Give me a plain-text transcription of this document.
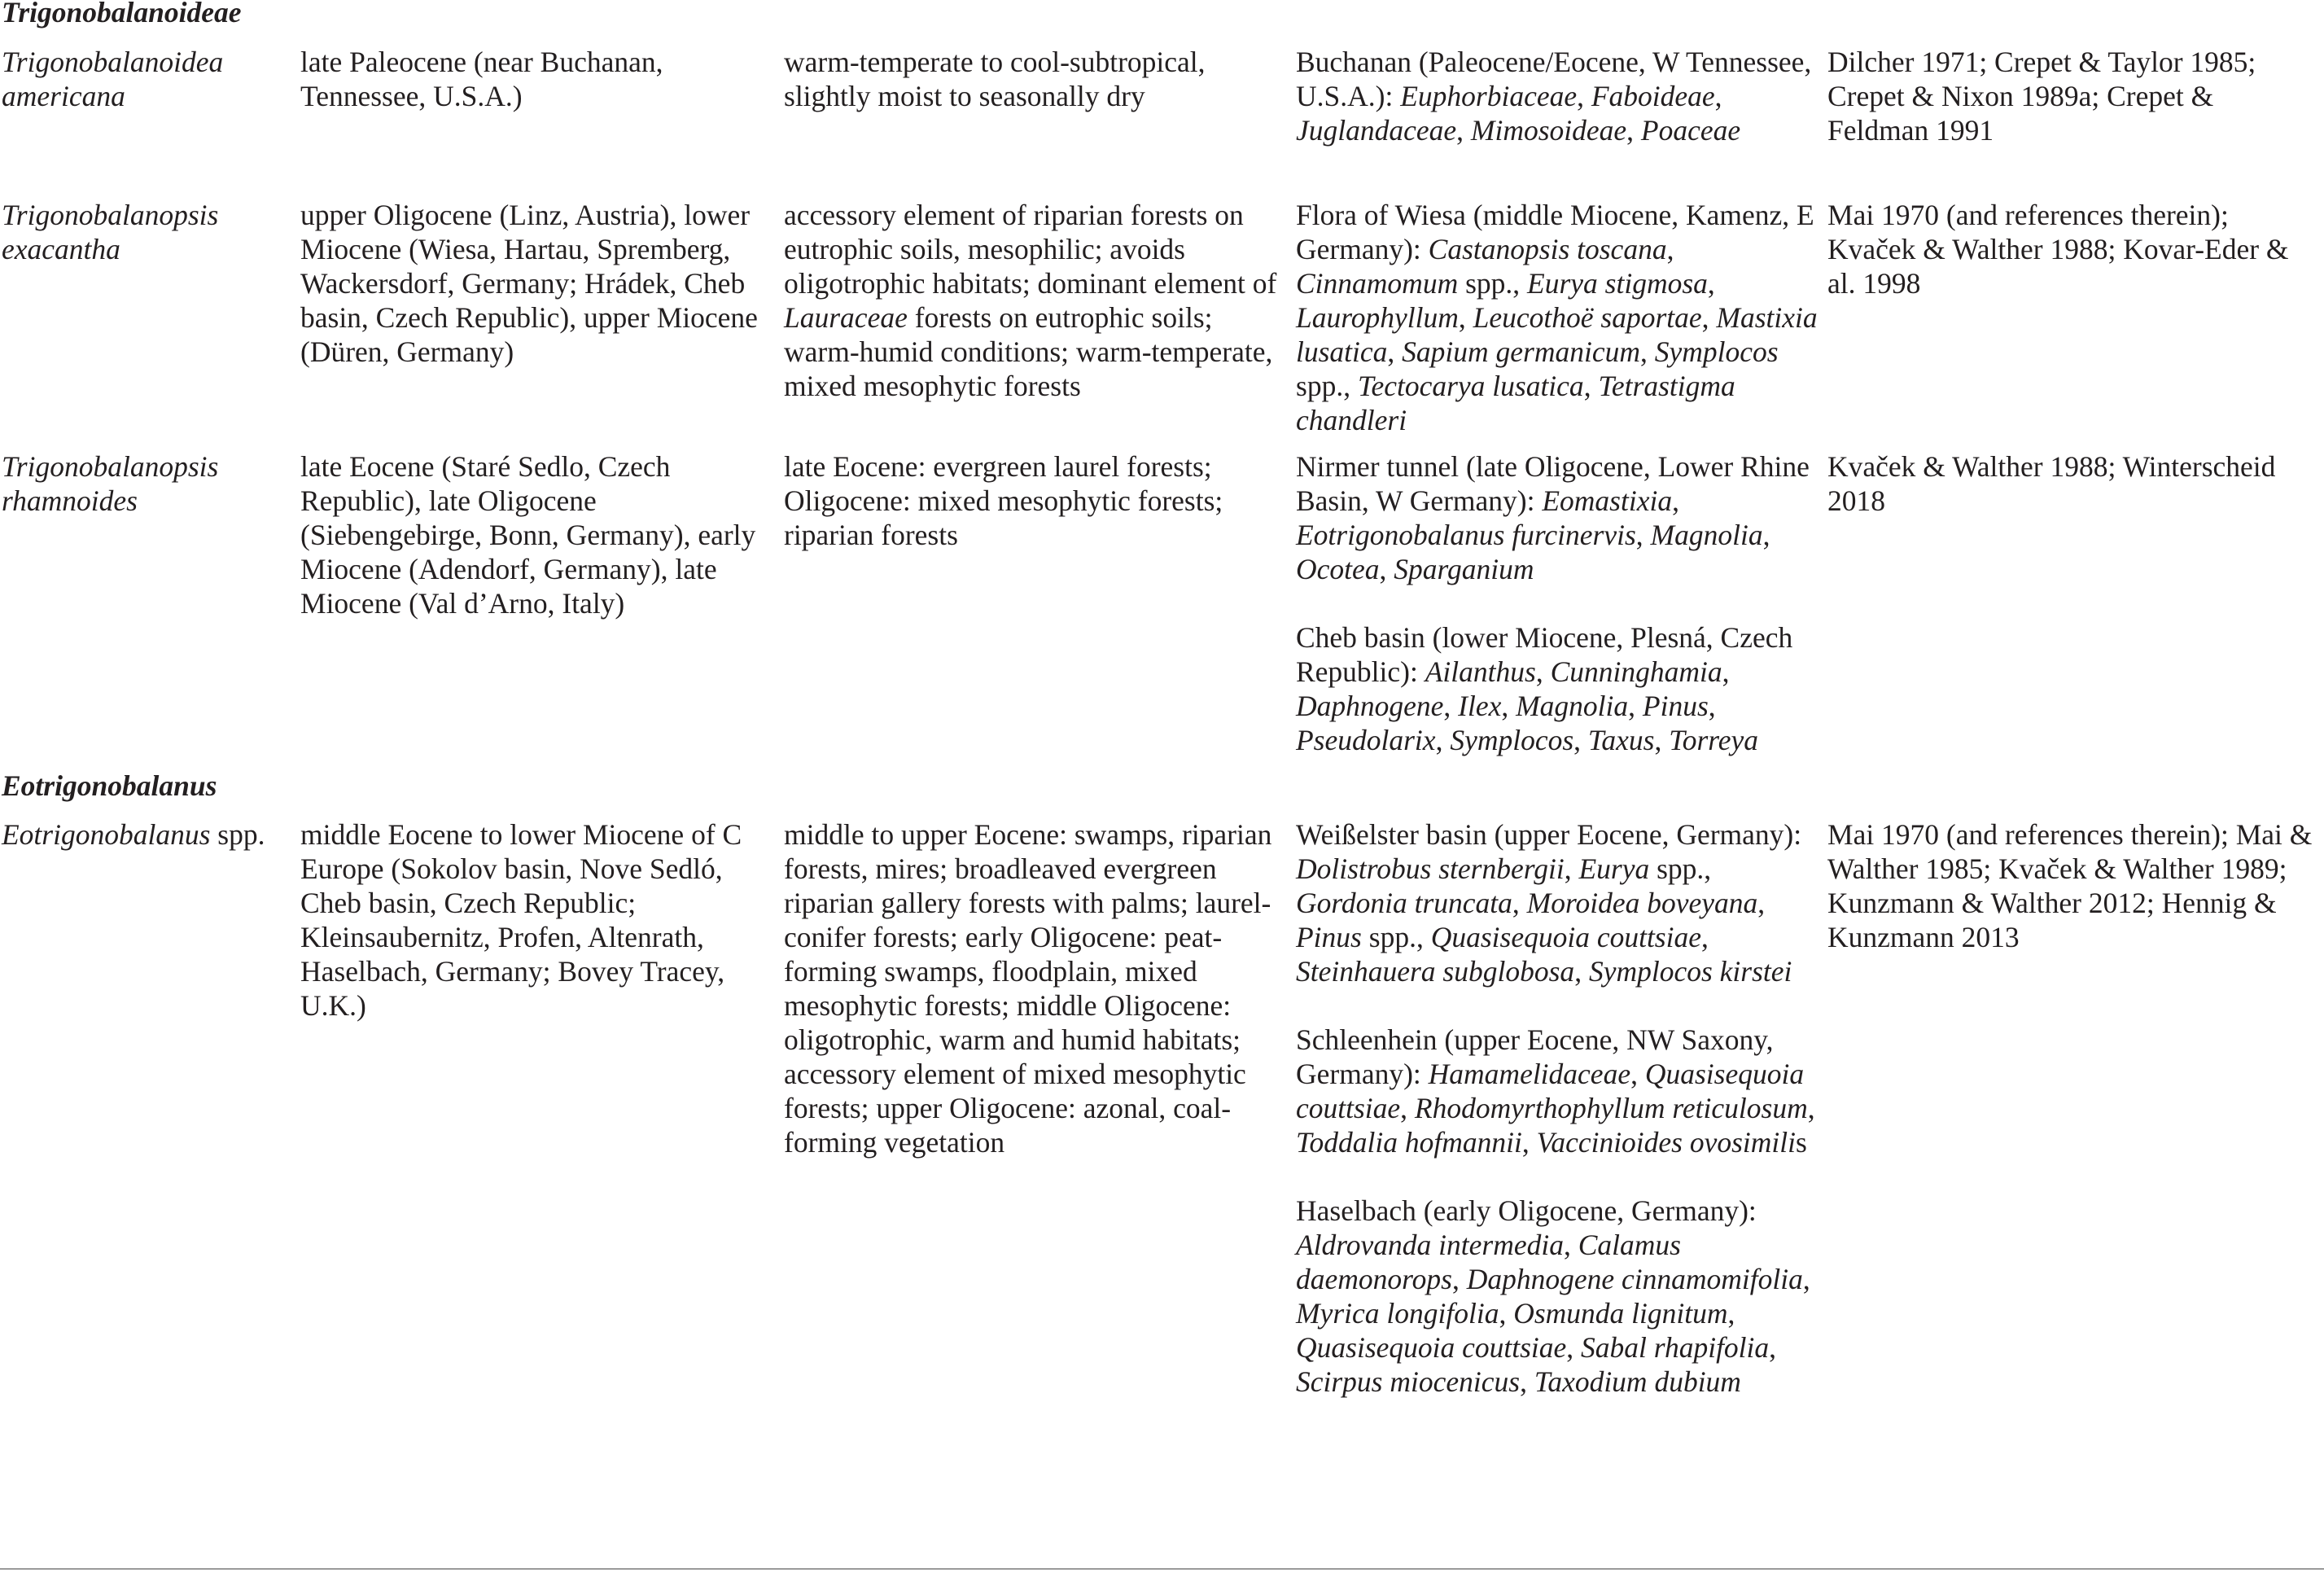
Trigonobalanoideae
Trigonobalanoidea americana
late Paleocene (near Buchanan, Tennessee, U.S.A.)
warm-temperate to cool-subtropical, slightly moist to seasonally dry
Buchanan (Paleocene/Eocene, W Tennessee, U.S.A.): Euphorbiaceae, Faboideae, Juglandaceae, Mimosoideae, Poaceae
Dilcher 1971; Crepet & Taylor 1985; Crepet & Nixon 1989a; Crepet & Feldman 1991
Trigonobalanopsis exacantha
upper Oligocene (Linz, Austria), lower Miocene (Wiesa, Hartau, Spremberg, Wackersdorf, Germany; Hrádek, Cheb basin, Czech Republic), upper Miocene (Düren, Germany)
accessory element of riparian forests on eutrophic soils, mesophilic; avoids oligotrophic habitats; dominant element of Lauraceae forests on eutrophic soils; warm-humid conditions; warm-temperate, mixed mesophytic forests
Flora of Wiesa (middle Miocene, Kamenz, E Germany): Castanopsis toscana, Cinnamomum spp., Eurya stigmosa, Laurophyllum, Leucothoë saportae, Mastixia lusatica, Sapium germanicum, Symplocos spp., Tectocarya lusatica, Tetrastigma chandleri
Mai 1970 (and references therein); Kvaček & Walther 1988; Kovar-Eder & al. 1998
Trigonobalanopsis rhamnoides
late Eocene (Staré Sedlo, Czech Republic), late Oligocene (Siebengebirge, Bonn, Germany), early Miocene (Adendorf, Germany), late Miocene (Val d’Arno, Italy)
late Eocene: evergreen laurel forests; Oligocene: mixed mesophytic forests; riparian forests
Nirmer tunnel (late Oligocene, Lower Rhine Basin, W Germany): Eomastixia, Eotrigonobalanus furcinervis, Magnolia, Ocotea, Sparganium
Cheb basin (lower Miocene, Plesná, Czech Republic): Ailanthus, Cunninghamia, Daphnogene, Ilex, Magnolia, Pinus, Pseudolarix, Symplocos, Taxus, Torreya
Kvaček & Walther 1988; Winterscheid 2018
Eotrigonobalanus
Eotrigonobalanus spp.	middle Eocene to lower Miocene of C Europe (Sokolov basin, Nove Sedló, Cheb basin, Czech Republic; Kleinsaubernitz, Profen, Altenrath, Haselbach, Germany; Bovey Tracey, U.K.)
middle to upper Eocene: swamps, riparian forests, mires; broadleaved evergreen riparian gallery forests with palms; laurel-conifer forests; early Oligocene: peat-forming swamps, floodplain, mixed mesophytic forests; middle Oligocene: oligotrophic, warm and humid habitats; accessory element of mixed mesophytic forests; upper Oligocene: azonal, coal-forming vegetation
Weißelster basin (upper Eocene, Germany): Dolistrobus sternbergii, Eurya spp., Gordonia truncata, Moroidea boveyana, Pinus spp., Quasisequoia couttsiae, Steinhauera subglobosa, Symplocos kirstei
Schleenhein (upper Eocene, NW Saxony, Germany): Hamamelidaceae, Quasisequoia couttsiae, Rhodomyrthophyllum reticulosum, Toddalia hofmannii, Vaccinioides ovosimilis
Haselbach (early Oligocene, Germany): Aldrovanda intermedia, Calamus daemonorops, Daphnogene cinnamomifolia, Myrica longifolia, Osmunda lignitum, Quasisequoia couttsiae, Sabal rhapifolia, Scirpus miocenicus, Taxodium dubium
Mai 1970 (and references therein); Mai & Walther 1985; Kvaček & Walther 1989; Kunzmann & Walther 2012; Hennig & Kunzmann 2013
